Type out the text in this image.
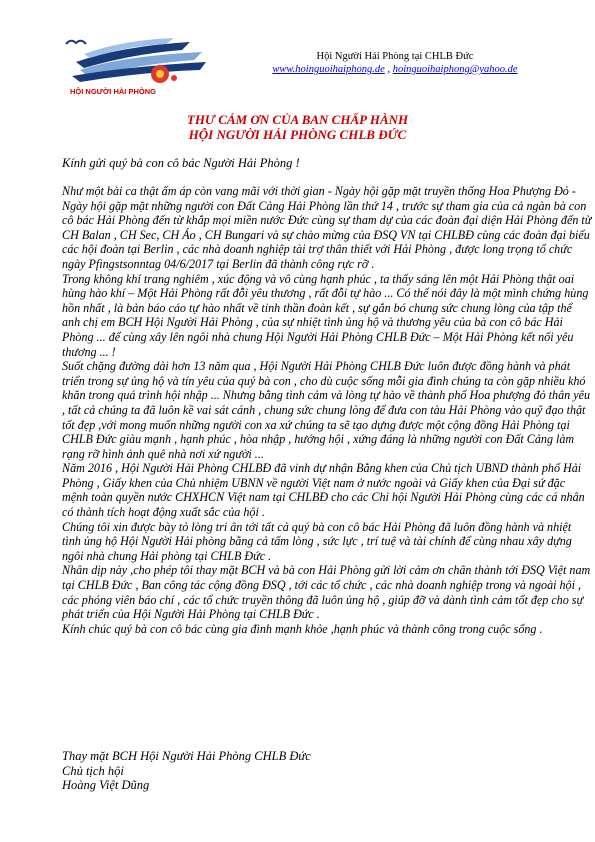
HỘI NGƯỜI HẢI PHÒNG
Hội Người Hải Phòng tại CHLB Đức
www.hoinguoihaiphong.de , hoinguoihaiphong@yahoo.de
THƯ CẢM ƠN CỦA BAN CHẤP HÀNH
HỘI NGƯỜI HẢI PHÒNG CHLB ĐỨC
Kính gửi quý bà con cô bác Người Hải Phòng !

Như một bài ca thật ấm áp còn vang mãi với thời gian - Ngày hội gặp mặt truyền thống Hoa Phượng Đỏ - Ngày hội gặp mặt những người con Đất Cảng Hải Phòng lần thứ 14 , trước sự tham gia của cả ngàn bà con cô bác Hải Phòng đến từ khắp mọi miền nước Đức cùng sự tham dự của các đoàn đại diện Hải Phòng đến từ CH Balan , CH Sec, CH Áo , CH Bungari và sự chào mừng của ĐSQ VN tại CHLBĐ cùng các đoàn đại biểu các hội đoàn tại Berlin , các nhà doanh nghiệp tài trợ thân thiết với Hải Phòng , được long trọng tổ chức ngày Pfingstsonntag 04/6/2017 tại Berlin đã thành công rực rỡ .

Trong không khí trang nghiêm , xúc động và vô cùng hạnh phúc , ta thấy sáng lên một Hải Phòng thật oai hùng hào khí – Một Hải Phòng rất đỗi yêu thương , rất đỗi tự hào ... Có thể nói đây là một mình chứng hùng hồn nhất , là bản báo cáo tự hào nhất về tinh thần đoàn kết , sự gắn bó chung sức chung lòng của tập thể anh chị em BCH Hội Người Hải Phòng , của sự nhiệt tình ủng hộ và thương yêu của bà con cô bác Hải Phòng ... để cùng xây lên ngôi nhà chung Hội Người Hải Phòng CHLB Đức – Một Hải Phòng kết nối yêu thương ... !

Suốt chặng đường dài hơn 13 năm qua , Hội Người Hải Phòng CHLB Đức luôn được đồng hành và phát triển trong sự ủng hộ và tín yêu của quý bà con , cho dù cuộc sống mỗi gia đình chúng ta còn gặp nhiều khó khăn trong quá trình hội nhập ... Nhưng bằng tình cảm và lòng tự hào về thành phố Hoa phượng đỏ thân yêu , tất cả chúng ta đã luôn kề vai sát cánh , chung sức chung lòng để đưa con tàu Hải Phòng vào quỹ đạo thật tốt đẹp ,với mong muốn những người con xa xứ chúng ta sẽ tạo dựng được một cộng đồng Hải Phòng tại CHLB Đức giàu mạnh , hạnh phúc , hòa nhập , hướng hội , xứng đáng là những người con Đất Cảng làm rạng rỡ hình ảnh quê nhà nơi xứ người ...

Năm 2016 , Hội Người Hải Phòng CHLBĐ đã vinh dự nhận Bằng khen của Chủ tịch UBND thành phố Hải Phòng , Giấy khen của Chủ nhiệm UBNN về người Việt nam ở nước ngoài và Giấy khen của Đại sứ đặc mệnh toàn quyền nước CHXHCN Việt nam tại CHLBĐ cho các Chi hội Người Hải Phòng cùng các cá nhân có thành tích hoạt động xuất sắc của hội .

Chúng tôi xin được bày tỏ lòng tri ân tới tất cả quý bà con cô bác Hải Phòng đã luôn đồng hành và nhiệt tình ủng hộ Hội Người Hải phòng bằng cả tấm lòng , sức lực , trí tuệ và tài chính để cùng nhau xây dựng ngôi nhà chung Hải phòng tại CHLB Đức .

Nhân dịp này ,cho phép tôi thay mặt BCH và bà con Hải Phòng gửi lời cảm ơn chân thành tới ĐSQ Việt nam tại CHLB Đức , Ban công tác cộng đồng ĐSQ , tới các tổ chức , các nhà doanh nghiệp trong và ngoài hội , các phóng viên báo chí , các tổ chức truyền thông đã luôn ủng hộ , giúp đỡ và dành tình cảm tốt đẹp cho sự phát triển của Hội Người Hải Phòng tại CHLB Đức .

Kính chúc quý bà con cô bác cùng gia đình mạnh khỏe ,hạnh phúc và thành công trong cuộc sống .

Thay mặt BCH Hội Người Hải Phòng CHLB Đức
Chủ tịch hội
Hoàng Việt Dũng
